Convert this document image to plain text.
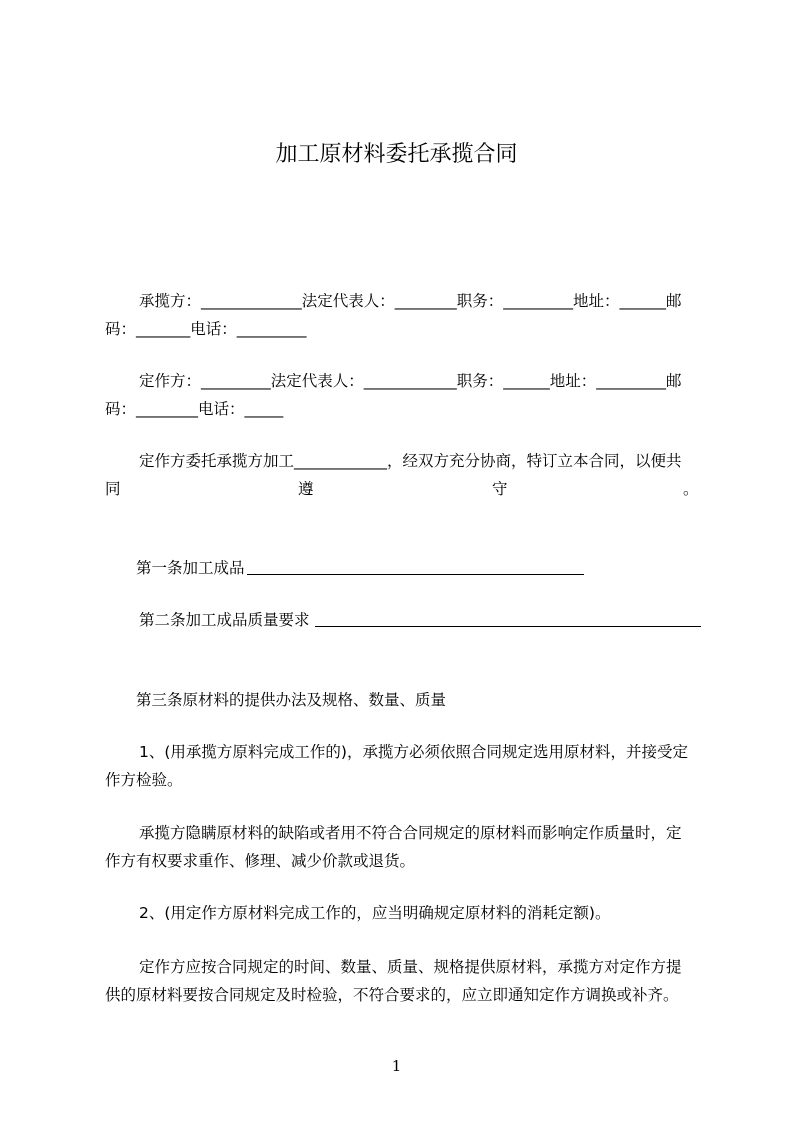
加工原材料委托承揽合同
承揽方：_____________法定代表人：________职务：_________地址：______邮
码：_______电话：_________
定作方：_________法定代表人：____________职务：______地址：_________邮
码：________电话：_____
定作方委托承揽方加工____________，经双方充分协商，特订立本合同，以便共
同	遵	守	。
第一条加工成品
第二条加工成品质量要求
第三条原材料的提供办法及规格、数量、质量
1、(用承揽方原料完成工作的)，承揽方必须依照合同规定选用原材料，并接受定
作方检验。
承揽方隐瞒原材料的缺陷或者用不符合合同规定的原材料而影响定作质量时，定
作方有权要求重作、修理、减少价款或退货。
2、(用定作方原材料完成工作的，应当明确规定原材料的消耗定额)。
定作方应按合同规定的时间、数量、质量、规格提供原材料，承揽方对定作方提
供的原材料要按合同规定及时检验，不符合要求的，应立即通知定作方调换或补齐。
1
